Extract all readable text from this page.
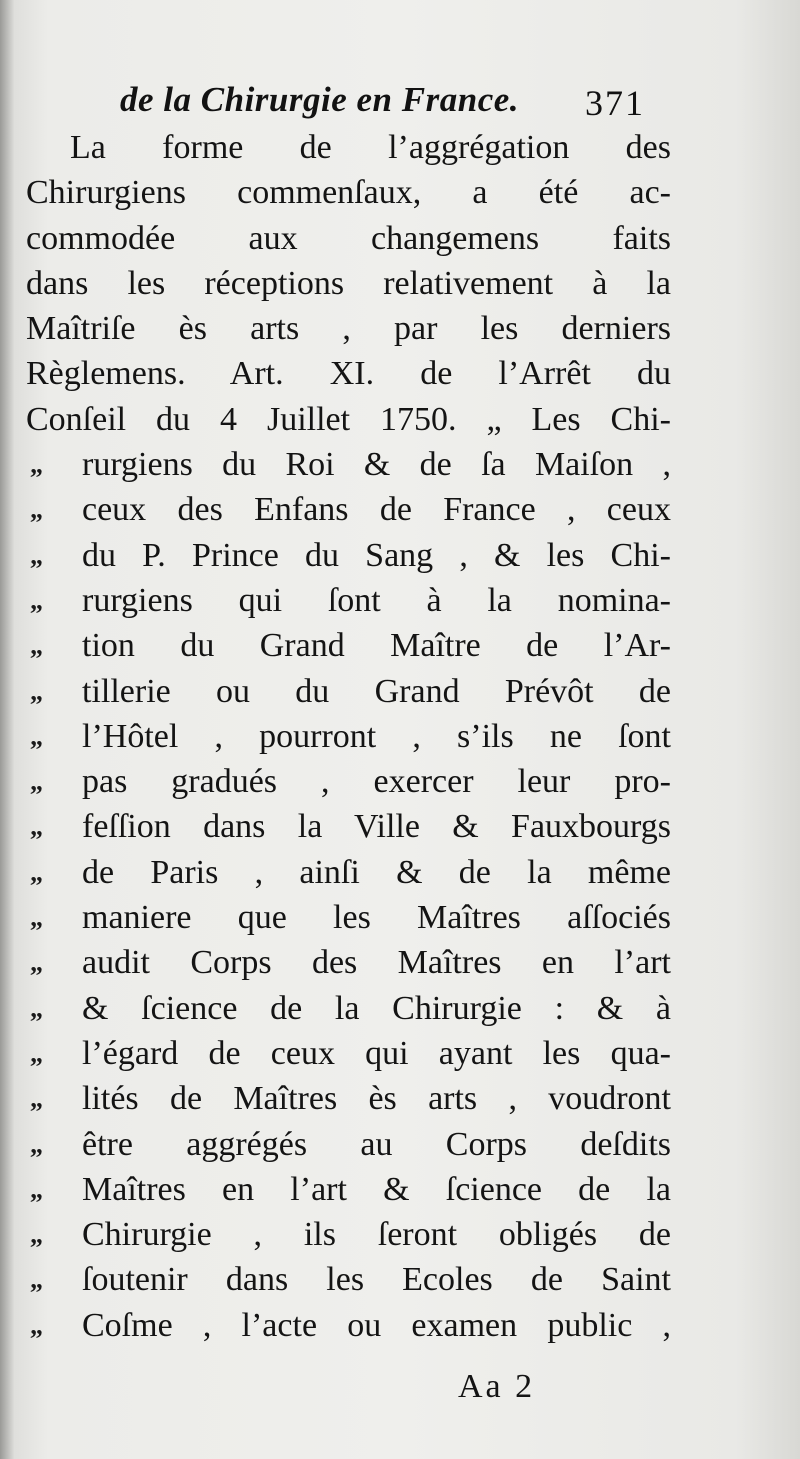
de la Chirurgie en France. 371
La forme de l’aggrégation des
Chirurgiens commenſaux, a été ac-
commodée aux changemens faits
dans les réceptions relativement à la
Maîtriſe ès arts , par les derniers
Règlemens. Art. XI. de l’Arrêt du
Conſeil du 4 Juillet 1750. „ Les Chi-
„	rurgiens du Roi & de ſa Maiſon ,
„	ceux des Enfans de France , ceux
„	du P. Prince du Sang , & les Chi-
„	rurgiens qui ſont à la nomina-
„	tion du Grand Maître de l’Ar-
„	tillerie ou du Grand Prévôt de
„	l’Hôtel , pourront , s’ils ne ſont
„	pas gradués , exercer leur pro-
„	feſſion dans la Ville & Fauxbourgs
„	de Paris , ainſi & de la même
„	maniere que les Maîtres aſſociés
„	audit Corps des Maîtres en l’art
„	& ſcience de la Chirurgie : & à
„	l’égard de ceux qui ayant les qua-
„	lités de Maîtres ès arts , voudront
„	être aggrégés au Corps deſdits
„	Maîtres en l’art & ſcience de la
„	Chirurgie , ils ſeront obligés de
„	ſoutenir dans les Ecoles de Saint
„	Coſme , l’acte ou examen public ,
Aa 2
